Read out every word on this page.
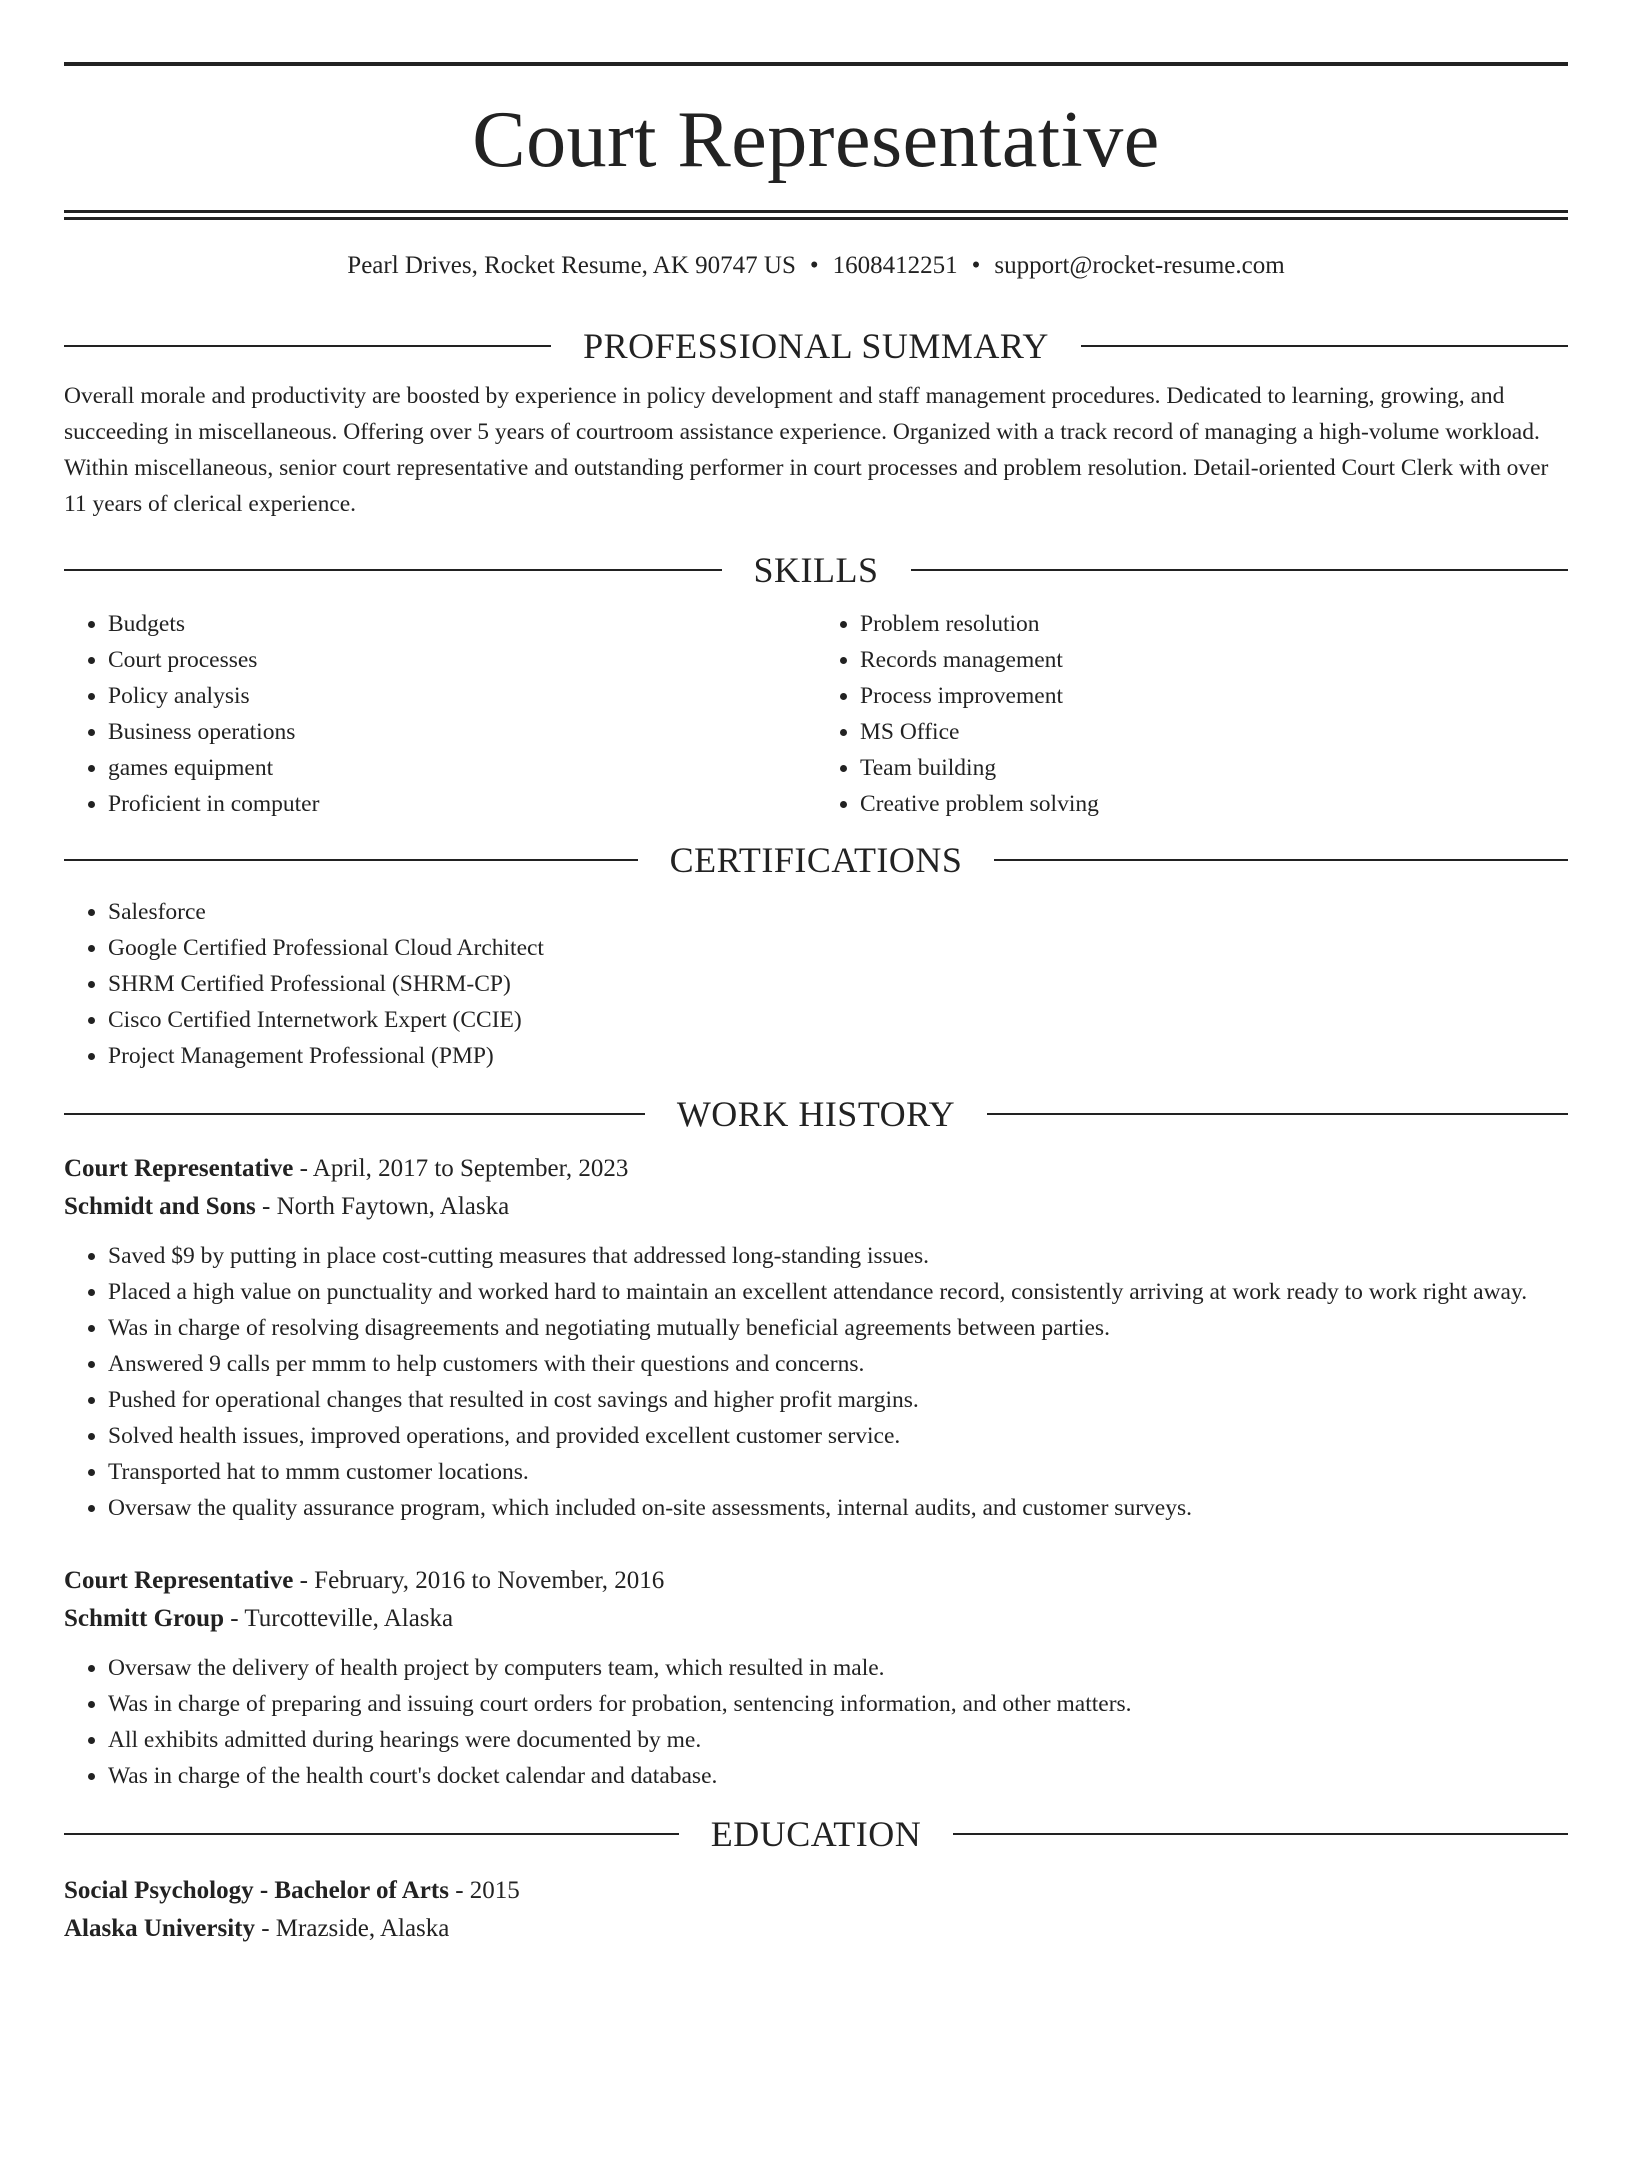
Court Representative
Pearl Drives, Rocket Resume, AK 90747 US • 1608412251 • support@rocket-resume.com
PROFESSIONAL SUMMARY
Overall morale and productivity are boosted by experience in policy development and staff management procedures. Dedicated to learning, growing, and succeeding in miscellaneous. Offering over 5 years of courtroom assistance experience. Organized with a track record of managing a high-volume workload. Within miscellaneous, senior court representative and outstanding performer in court processes and problem resolution. Detail-oriented Court Clerk with over 11 years of clerical experience.
SKILLS
• Budgets
• Court processes
• Policy analysis
• Business operations
• games equipment
• Proficient in computer
• Problem resolution
• Records management
• Process improvement
• MS Office
• Team building
• Creative problem solving
CERTIFICATIONS
• Salesforce
• Google Certified Professional Cloud Architect
• SHRM Certified Professional (SHRM-CP)
• Cisco Certified Internetwork Expert (CCIE)
• Project Management Professional (PMP)
WORK HISTORY
Court Representative - April, 2017 to September, 2023
Schmidt and Sons - North Faytown, Alaska
• Saved $9 by putting in place cost-cutting measures that addressed long-standing issues.
• Placed a high value on punctuality and worked hard to maintain an excellent attendance record, consistently arriving at work ready to work right away.
• Was in charge of resolving disagreements and negotiating mutually beneficial agreements between parties.
• Answered 9 calls per mmm to help customers with their questions and concerns.
• Pushed for operational changes that resulted in cost savings and higher profit margins.
• Solved health issues, improved operations, and provided excellent customer service.
• Transported hat to mmm customer locations.
• Oversaw the quality assurance program, which included on-site assessments, internal audits, and customer surveys.
Court Representative - February, 2016 to November, 2016
Schmitt Group - Turcotteville, Alaska
• Oversaw the delivery of health project by computers team, which resulted in male.
• Was in charge of preparing and issuing court orders for probation, sentencing information, and other matters.
• All exhibits admitted during hearings were documented by me.
• Was in charge of the health court's docket calendar and database.
EDUCATION
Social Psychology - Bachelor of Arts - 2015
Alaska University - Mrazside, Alaska
